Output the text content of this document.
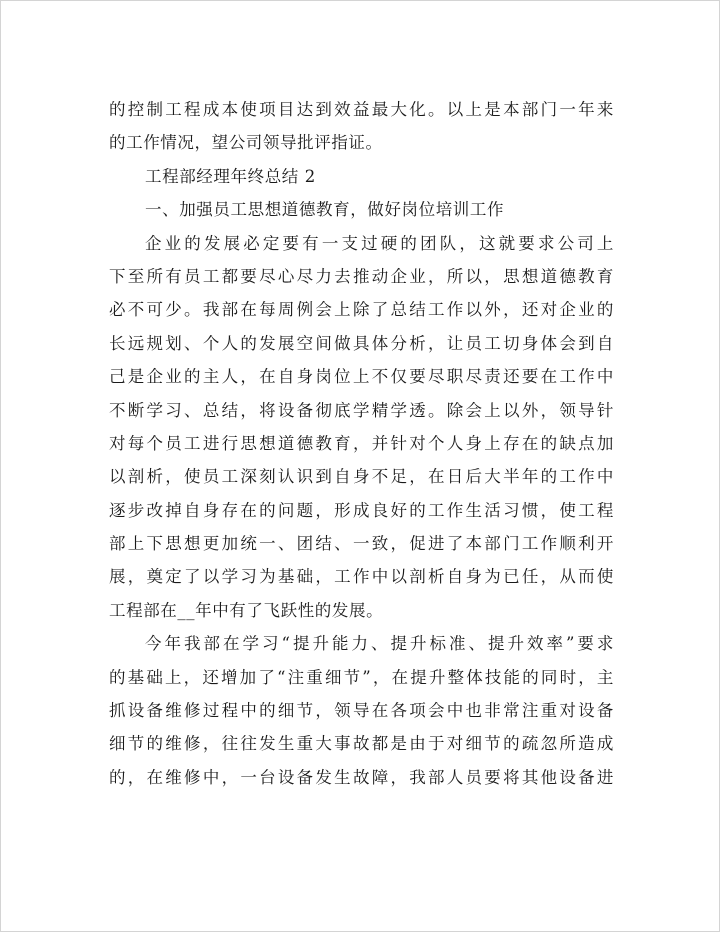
的控制工程成本使项目达到效益最大化。以上是本部门一年来
的工作情况，望公司领导批评指证。
工程部经理年终总结 2
一、加强员工思想道德教育，做好岗位培训工作
企业的发展必定要有一支过硬的团队，这就要求公司上
下至所有员工都要尽心尽力去推动企业，所以，思想道德教育
必不可少。我部在每周例会上除了总结工作以外，还对企业的
长远规划、个人的发展空间做具体分析，让员工切身体会到自
己是企业的主人，在自身岗位上不仅要尽职尽责还要在工作中
不断学习、总结，将设备彻底学精学透。除会上以外，领导针
对每个员工进行思想道德教育，并针对个人身上存在的缺点加
以剖析，使员工深刻认识到自身不足，在日后大半年的工作中
逐步改掉自身存在的问题，形成良好的工作生活习惯，使工程
部上下思想更加统一、团结、一致，促进了本部门工作顺利开
展，奠定了以学习为基础，工作中以剖析自身为已任，从而使
工程部在__年中有了飞跃性的发展。
今年我部在学习“提升能力、提升标准、提升效率”要求
的基础上，还增加了“注重细节”，在提升整体技能的同时，主
抓设备维修过程中的细节，领导在各项会中也非常注重对设备
细节的维修，往往发生重大事故都是由于对细节的疏忽所造成
的，在维修中，一台设备发生故障，我部人员要将其他设备进
